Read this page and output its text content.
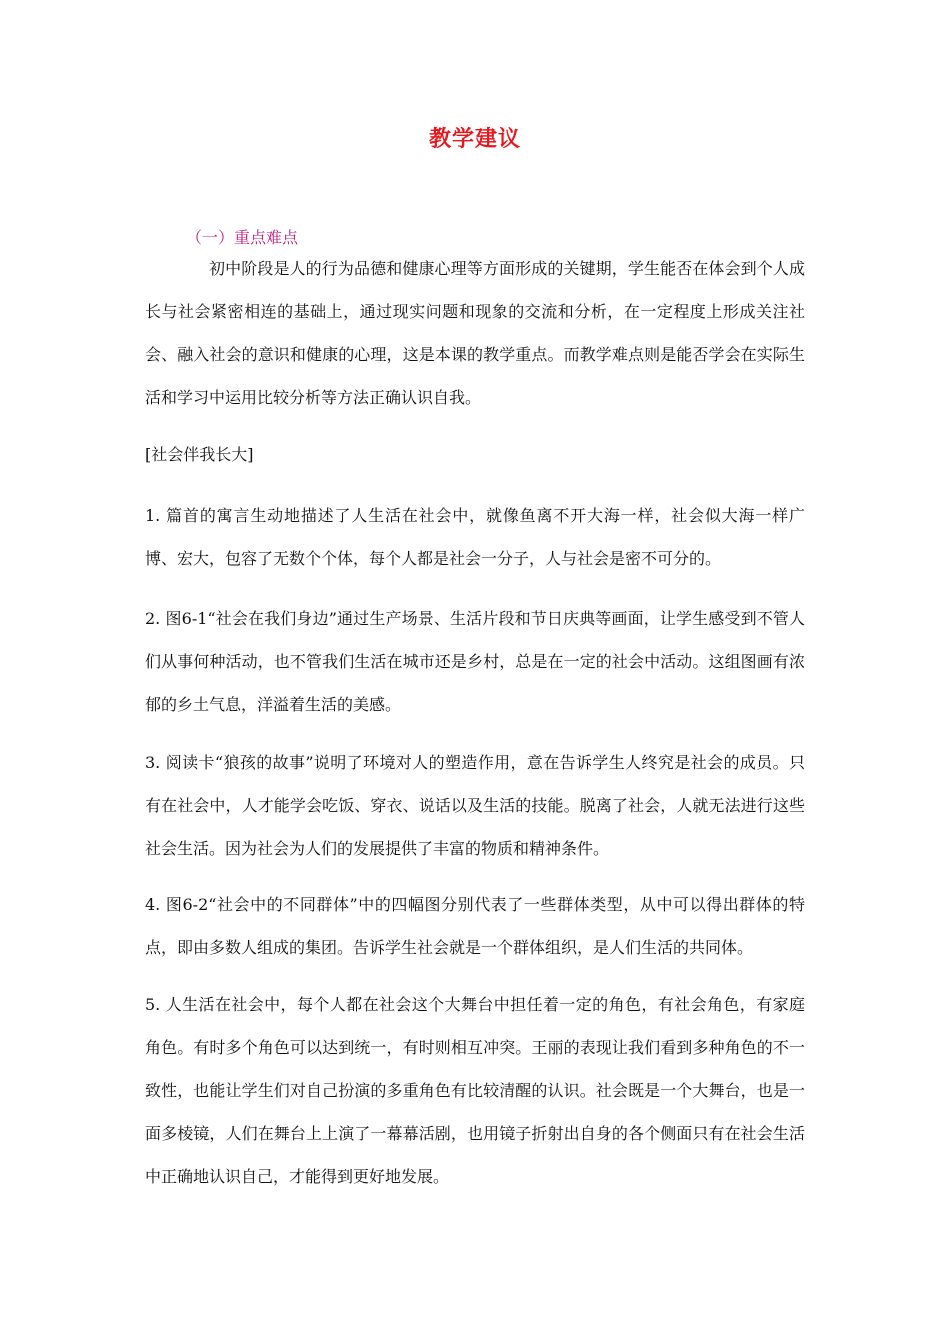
教学建议
（一）重点难点
初中阶段是人的行为品德和健康心理等方面形成的关键期，学生能否在体会到个人成长与社会紧密相连的基础上，通过现实问题和现象的交流和分析，在一定程度上形成关注社会、融入社会的意识和健康的心理，这是本课的教学重点。而教学难点则是能否学会在实际生活和学习中运用比较分析等方法正确认识自我。
[社会伴我长大]

1. 篇首的寓言生动地描述了人生活在社会中，就像鱼离不开大海一样，社会似大海一样广博、宏大，包容了无数个个体，每个人都是社会一分子，人与社会是密不可分的。

2. 图6-1“社会在我们身边”通过生产场景、生活片段和节日庆典等画面，让学生感受到不管人们从事何种活动，也不管我们生活在城市还是乡村，总是在一定的社会中活动。这组图画有浓郁的乡土气息，洋溢着生活的美感。

3. 阅读卡“狼孩的故事”说明了环境对人的塑造作用，意在告诉学生人终究是社会的成员。只有在社会中，人才能学会吃饭、穿衣、说话以及生活的技能。脱离了社会，人就无法进行这些社会生活。因为社会为人们的发展提供了丰富的物质和精神条件。

4. 图6-2“社会中的不同群体”中的四幅图分别代表了一些群体类型，从中可以得出群体的特点，即由多数人组成的集团。告诉学生社会就是一个群体组织，是人们生活的共同体。

5. 人生活在社会中，每个人都在社会这个大舞台中担任着一定的角色，有社会角色，有家庭角色。有时多个角色可以达到统一，有时则相互冲突。王丽的表现让我们看到多种角色的不一致性，也能让学生们对自己扮演的多重角色有比较清醒的认识。社会既是一个大舞台，也是一面多棱镜，人们在舞台上上演了一幕幕活剧，也用镜子折射出自身的各个侧面只有在社会生活中正确地认识自己，才能得到更好地发展。
